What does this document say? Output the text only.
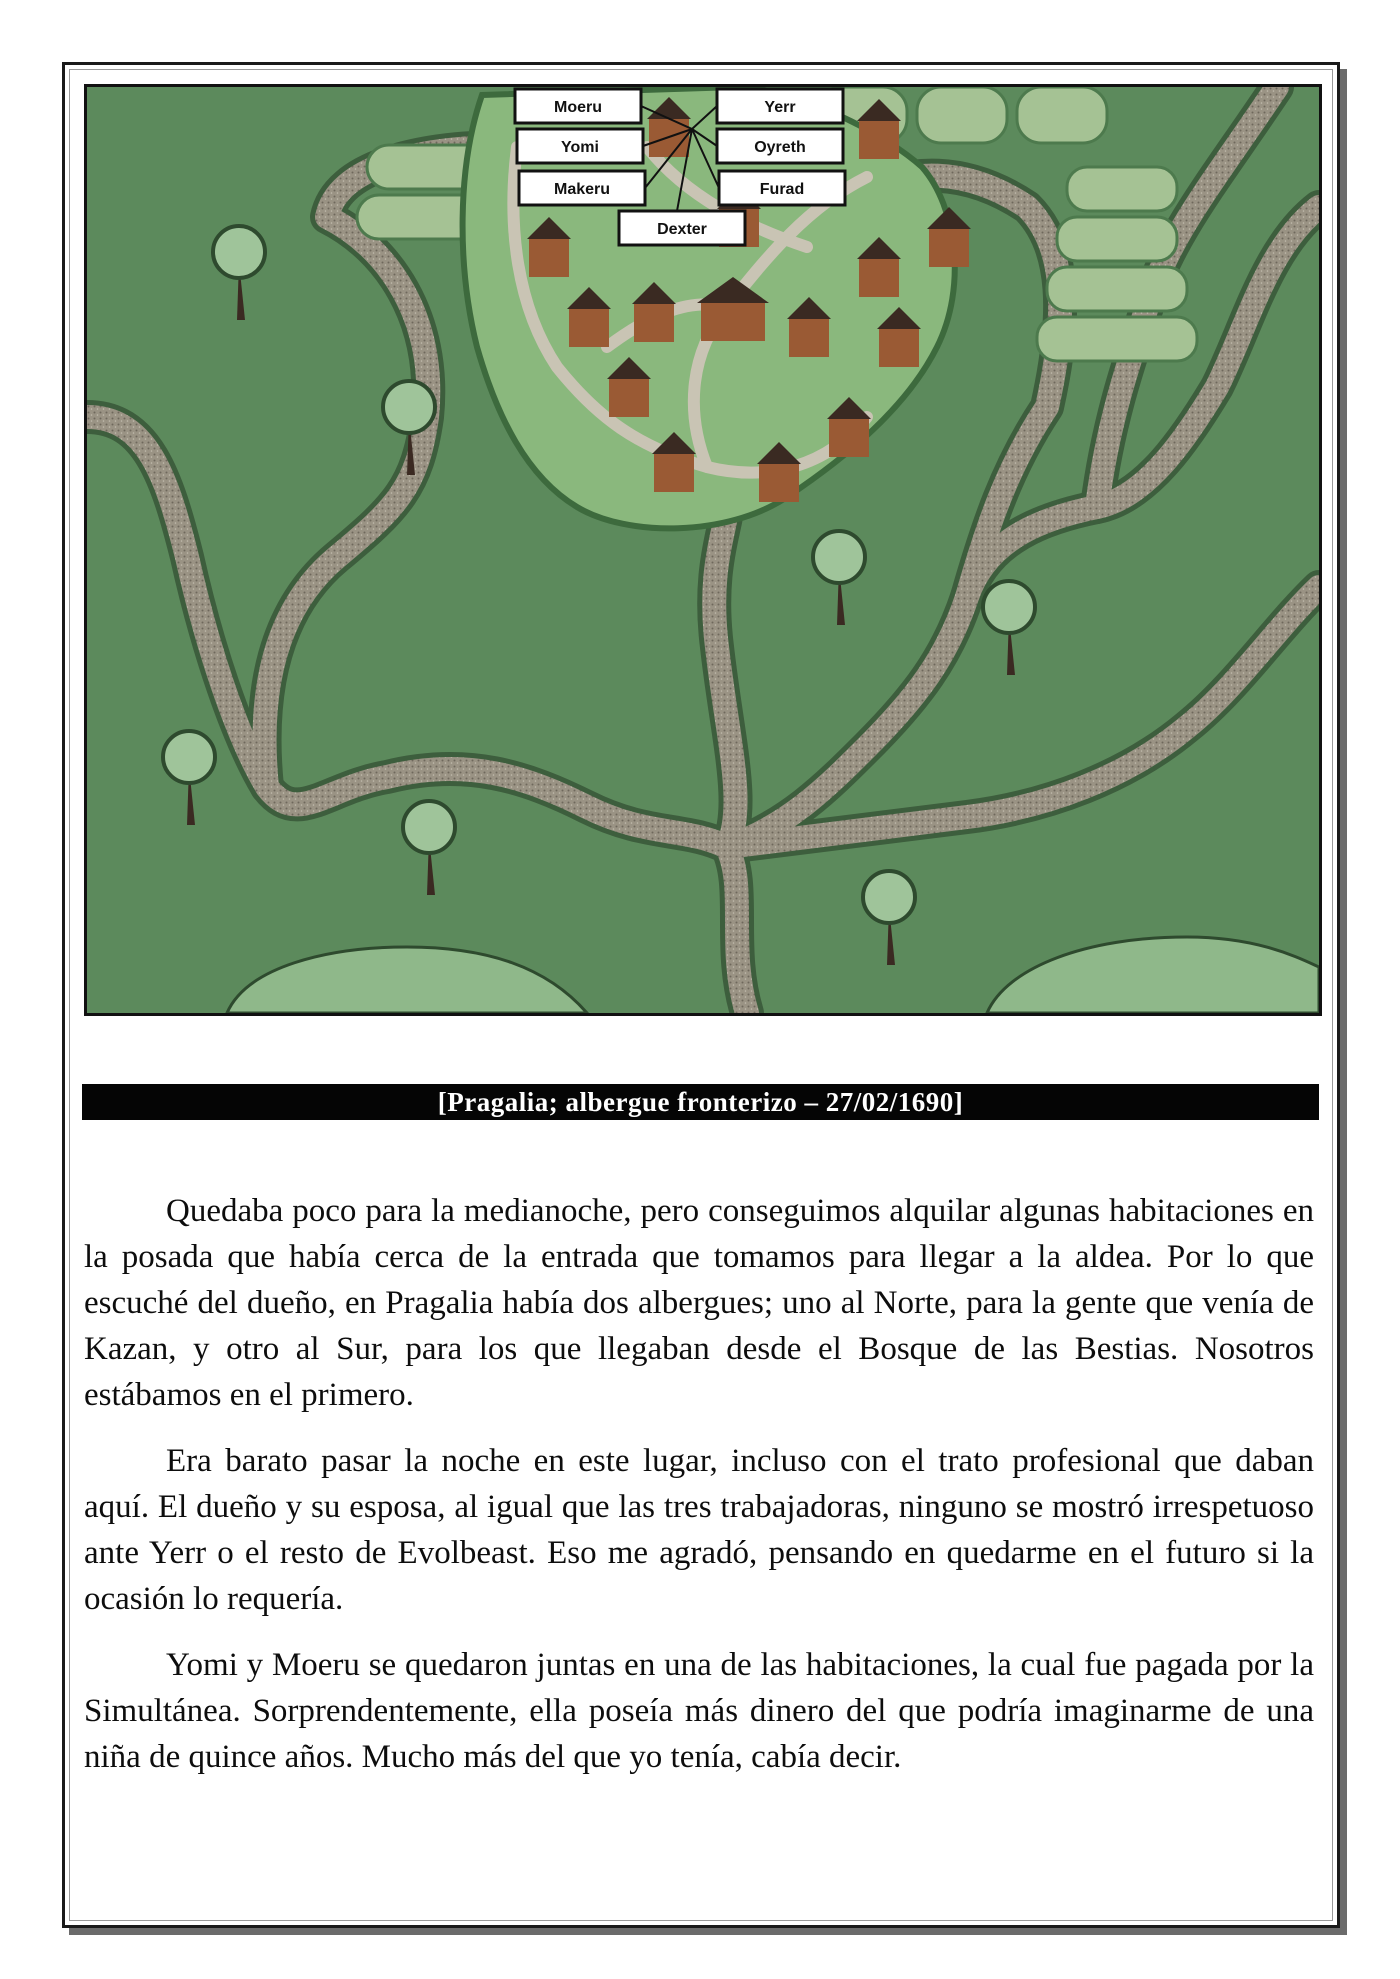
Moeru	Yerr
Yomi	Oyreth
Makeru	Furad
Dexter
[Pragalia; albergue fronterizo – 27/02/1690]

Quedaba poco para la medianoche, pero conseguimos alquilar algunas habitaciones en la posada que había cerca de la entrada que tomamos para llegar a la aldea. Por lo que escuché del dueño, en Pragalia había dos albergues; uno al Norte, para la gente que venía de Kazan, y otro al Sur, para los que llegaban desde el Bosque de las Bestias. Nosotros estábamos en el primero.

Era barato pasar la noche en este lugar, incluso con el trato profesional que daban aquí. El dueño y su esposa, al igual que las tres trabajadoras, ninguno se mostró irrespetuoso ante Yerr o el resto de Evolbeast. Eso me agradó, pensando en quedarme en el futuro si la ocasión lo requería.

Yomi y Moeru se quedaron juntas en una de las habitaciones, la cual fue pagada por la Simultánea. Sorprendentemente, ella poseía más dinero del que podría imaginarme de una niña de quince años. Mucho más del que yo tenía, cabía decir.
